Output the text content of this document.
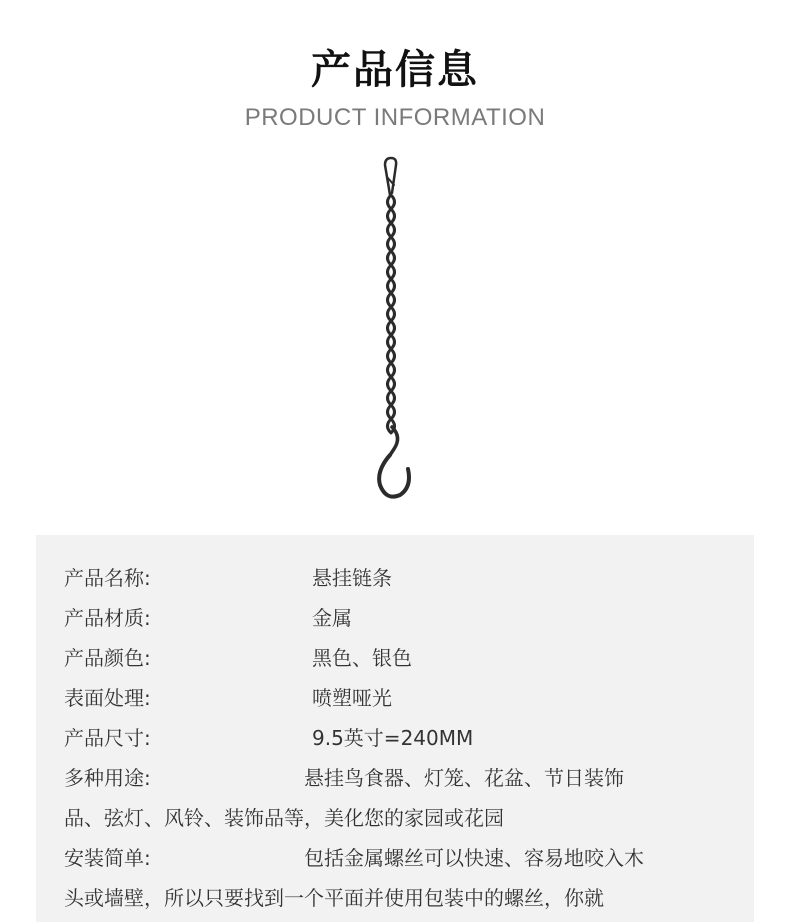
产品信息
PRODUCT INFORMATION
产品名称:	悬挂链条
产品材质:	金属
产品颜色:	黑色、银色
表面处理:	喷塑哑光
产品尺寸:	9.5英寸=240MM
多种用途:	悬挂鸟食器、灯笼、花盆、节日装饰
品、弦灯、风铃、装饰品等，美化您的家园或花园
安装简单:	包括金属螺丝可以快速、容易地咬入木
头或墙壁，所以只要找到一个平面并使用包装中的螺丝，你就
